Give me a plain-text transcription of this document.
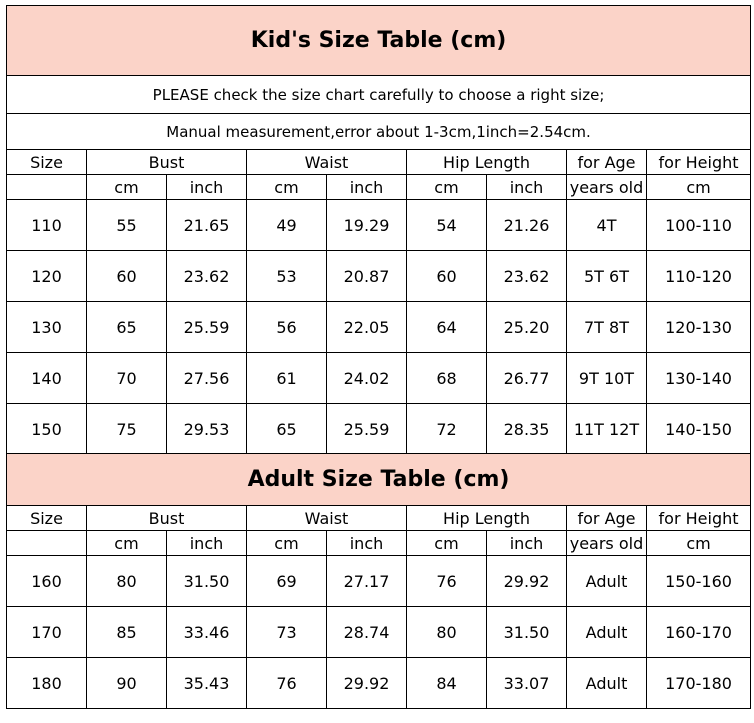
Kid's Size Table (cm)								
PLEASE check the size chart carefully to choose a right size;								
Manual measurement,error about 1-3cm,1inch=2.54cm.								
Size	Bust		Waist		Hip Length		for Age	for Height
	cm	inch	cm	inch	cm	inch	years old	cm
110	55	21.65	49	19.29	54	21.26	4T	100-110
120	60	23.62	53	20.87	60	23.62	5T 6T	110-120
130	65	25.59	56	22.05	64	25.20	7T 8T	120-130
140	70	27.56	61	24.02	68	26.77	9T 10T	130-140
150	75	29.53	65	25.59	72	28.35	11T 12T	140-150
Adult Size Table (cm)								
Size	Bust		Waist		Hip Length		for Age	for Height
	cm	inch	cm	inch	cm	inch	years old	cm
160	80	31.50	69	27.17	76	29.92	Adult	150-160
170	85	33.46	73	28.74	80	31.50	Adult	160-170
180	90	35.43	76	29.92	84	33.07	Adult	170-180
